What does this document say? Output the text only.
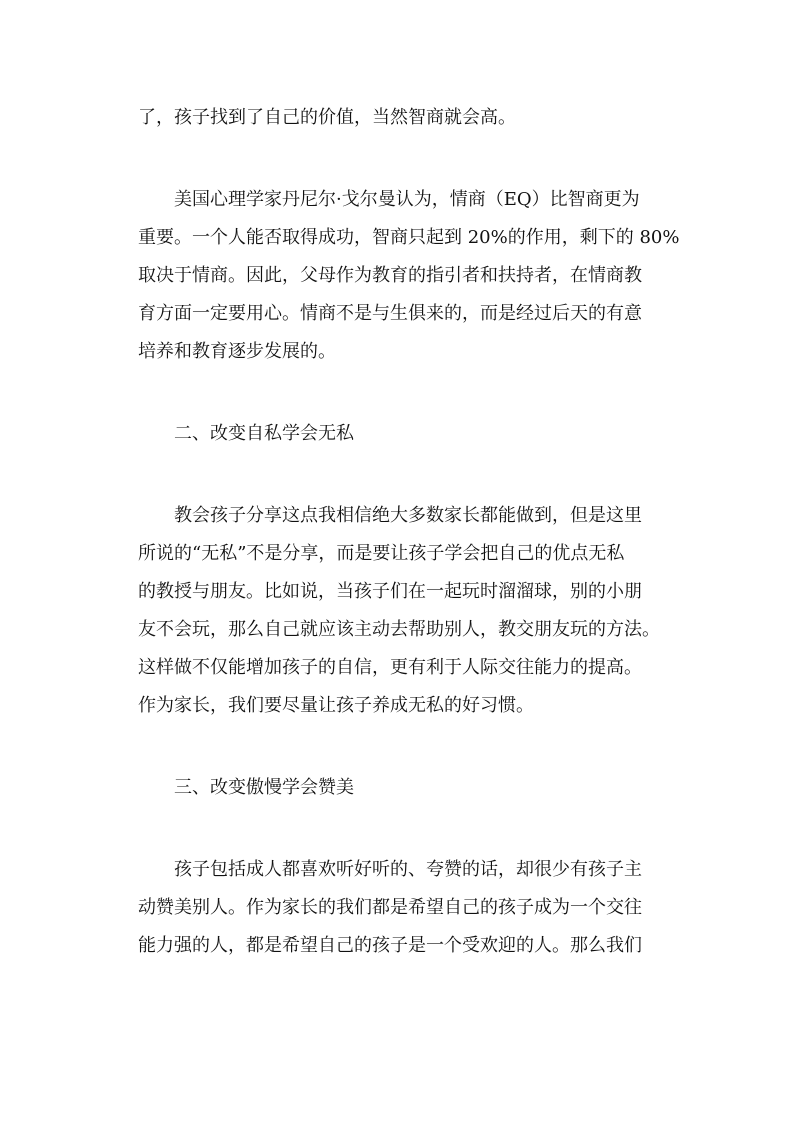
了，孩子找到了自己的价值，当然智商就会高。
美国心理学家丹尼尔·戈尔曼认为，情商（EQ）比智商更为
重要。一个人能否取得成功，智商只起到 20%的作用，剩下的 80%
取决于情商。因此，父母作为教育的指引者和扶持者，在情商教
育方面一定要用心。情商不是与生俱来的，而是经过后天的有意
培养和教育逐步发展的。
二、改变自私学会无私
教会孩子分享这点我相信绝大多数家长都能做到，但是这里
所说的“无私”不是分享，而是要让孩子学会把自己的优点无私
的教授与朋友。比如说，当孩子们在一起玩时溜溜球，别的小朋
友不会玩，那么自己就应该主动去帮助别人，教交朋友玩的方法。
这样做不仅能增加孩子的自信，更有利于人际交往能力的提高。
作为家长，我们要尽量让孩子养成无私的好习惯。
三、改变傲慢学会赞美
孩子包括成人都喜欢听好听的、夸赞的话，却很少有孩子主
动赞美别人。作为家长的我们都是希望自己的孩子成为一个交往
能力强的人，都是希望自己的孩子是一个受欢迎的人。那么我们
